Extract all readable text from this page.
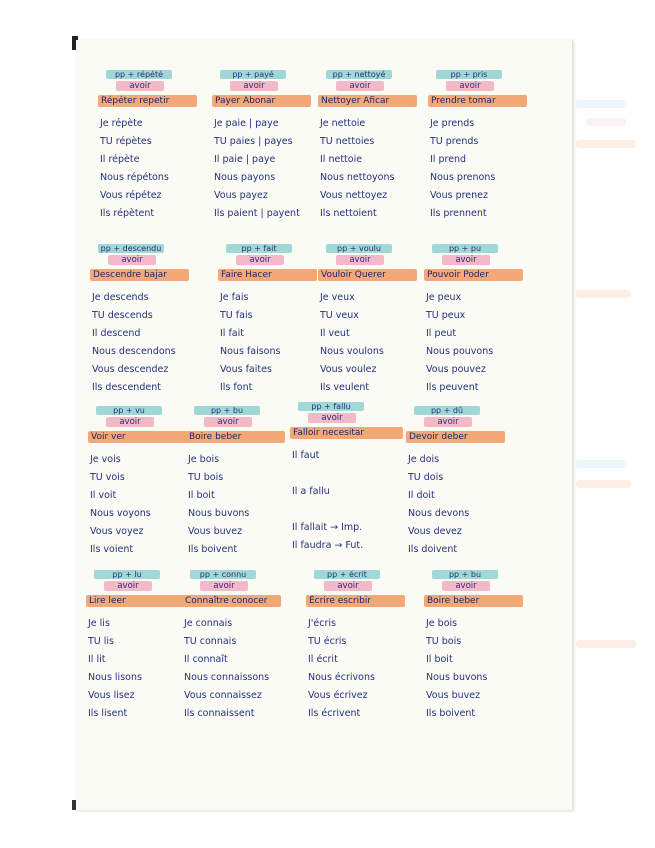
pp + répété
avoir
Répéter repetir
Je répète
TU répètes
Il répète
Nous répétons
Vous répétez
Ils répètent
pp + payé
avoir
Payer Abonar
Je paie | paye
TU paies | payes
Il paie | paye
Nous payons
Vous payez
Ils paient | payent
pp + nettoyé
avoir
Nettoyer Aficar
Je nettoie
TU nettoies
Il nettoie
Nous nettoyons
Vous nettoyez
Ils nettoient
pp + pris
avoir
Prendre tomar
Je prends
TU prends
Il prend
Nous prenons
Vous prenez
Ils prennent
pp + descendu
avoir
Descendre bajar
Je descends
TU descends
Il descend
Nous descendons
Vous descendez
Ils descendent
pp + fait
avoir
Faire Hacer
Je fais
TU fais
Il fait
Nous faisons
Vous faites
Ils font
pp + voulu
avoir
Vouloir Querer
Je veux
TU veux
Il veut
Nous voulons
Vous voulez
Ils veulent
pp + pu
avoir
Pouvoir Poder
Je peux
TU peux
Il peut
Nous pouvons
Vous pouvez
Ils peuvent
pp + vu
avoir
Voir ver
Je vois
TU vois
Il voit
Nous voyons
Vous voyez
Ils voient
pp + bu
avoir
Boire beber
Je bois
TU bois
Il boit
Nous buvons
Vous buvez
Ils boivent
pp + fallu
avoir
Falloir necesitar
Il faut
Il a fallu
Il fallait → Imp.
Il faudra → Fut.
pp + dû
avoir
Devoir deber
Je dois
TU dois
Il doit
Nous devons
Vous devez
Ils doivent
pp + lu
avoir
Lire leer
Je lis
TU lis
Il lit
Nous lisons
Vous lisez
Ils lisent
pp + connu
avoir
Connaître conocer
Je connais
TU connais
Il connaît
Nous connaissons
Vous connaissez
Ils connaissent
pp + écrit
avoir
Écrire escribir
J'écris
TU écris
Il écrit
Nous écrivons
Vous écrivez
Ils écrivent
pp + bu
avoir
Boire beber
Je bois
TU bois
Il boit
Nous buvons
Vous buvez
Ils boivent
